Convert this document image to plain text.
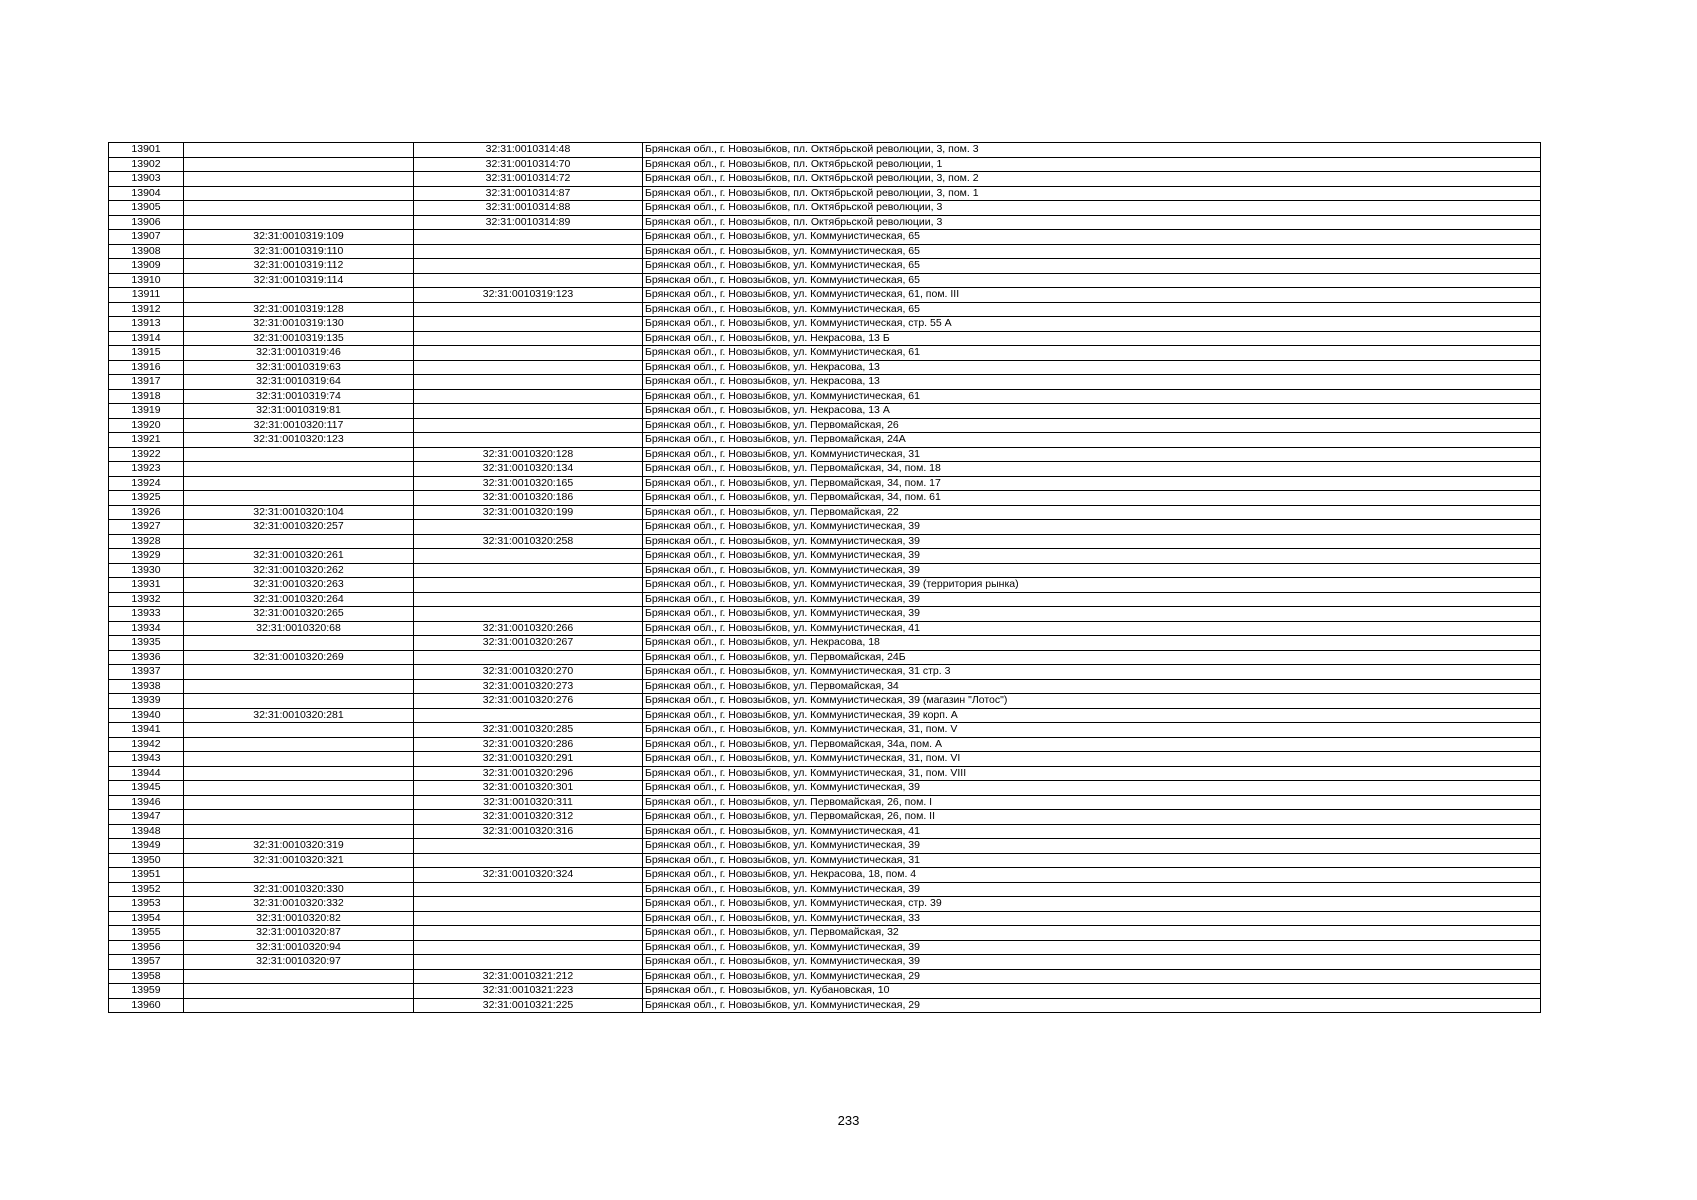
13901		32:31:0010314:48	Брянская обл., г. Новозыбков, пл. Октябрьской революции, 3, пом. 3
13902		32:31:0010314:70	Брянская обл., г. Новозыбков, пл. Октябрьской революции, 1
13903		32:31:0010314:72	Брянская обл., г. Новозыбков, пл. Октябрьской революции, 3, пом. 2
13904		32:31:0010314:87	Брянская обл., г. Новозыбков, пл. Октябрьской революции, 3, пом. 1
13905		32:31:0010314:88	Брянская обл., г. Новозыбков, пл. Октябрьской революции, 3
13906		32:31:0010314:89	Брянская обл., г. Новозыбков, пл. Октябрьской революции, 3
13907	32:31:0010319:109		Брянская обл., г. Новозыбков, ул. Коммунистическая, 65
13908	32:31:0010319:110		Брянская обл., г. Новозыбков, ул. Коммунистическая, 65
13909	32:31:0010319:112		Брянская обл., г. Новозыбков, ул. Коммунистическая, 65
13910	32:31:0010319:114		Брянская обл., г. Новозыбков, ул. Коммунистическая, 65
13911		32:31:0010319:123	Брянская обл., г. Новозыбков, ул. Коммунистическая, 61, пом. III
13912	32:31:0010319:128		Брянская обл., г. Новозыбков, ул. Коммунистическая, 65
13913	32:31:0010319:130		Брянская обл., г. Новозыбков, ул. Коммунистическая, стр. 55 А
13914	32:31:0010319:135		Брянская обл., г. Новозыбков, ул. Некрасова, 13 Б
13915	32:31:0010319:46		Брянская обл., г. Новозыбков, ул. Коммунистическая, 61
13916	32:31:0010319:63		Брянская обл., г. Новозыбков, ул. Некрасова, 13
13917	32:31:0010319:64		Брянская обл., г. Новозыбков, ул. Некрасова, 13
13918	32:31:0010319:74		Брянская обл., г. Новозыбков, ул. Коммунистическая, 61
13919	32:31:0010319:81		Брянская обл., г. Новозыбков, ул. Некрасова, 13 А
13920	32:31:0010320:117		Брянская обл., г. Новозыбков, ул. Первомайская, 26
13921	32:31:0010320:123		Брянская обл., г. Новозыбков, ул. Первомайская, 24А
13922		32:31:0010320:128	Брянская обл., г. Новозыбков, ул. Коммунистическая, 31
13923		32:31:0010320:134	Брянская обл., г. Новозыбков, ул. Первомайская, 34, пом. 18
13924		32:31:0010320:165	Брянская обл., г. Новозыбков, ул. Первомайская, 34, пом. 17
13925		32:31:0010320:186	Брянская обл., г. Новозыбков, ул. Первомайская, 34, пом. 61
13926	32:31:0010320:104	32:31:0010320:199	Брянская обл., г. Новозыбков, ул. Первомайская, 22
13927	32:31:0010320:257		Брянская обл., г. Новозыбков, ул. Коммунистическая, 39
13928		32:31:0010320:258	Брянская обл., г. Новозыбков, ул. Коммунистическая, 39
13929	32:31:0010320:261		Брянская обл., г. Новозыбков, ул. Коммунистическая, 39
13930	32:31:0010320:262		Брянская обл., г. Новозыбков, ул. Коммунистическая, 39
13931	32:31:0010320:263		Брянская обл., г. Новозыбков, ул. Коммунистическая, 39 (территория рынка)
13932	32:31:0010320:264		Брянская обл., г. Новозыбков, ул. Коммунистическая, 39
13933	32:31:0010320:265		Брянская обл., г. Новозыбков, ул. Коммунистическая, 39
13934	32:31:0010320:68	32:31:0010320:266	Брянская обл., г. Новозыбков, ул. Коммунистическая, 41
13935		32:31:0010320:267	Брянская обл., г. Новозыбков, ул. Некрасова, 18
13936	32:31:0010320:269		Брянская обл., г. Новозыбков, ул. Первомайская, 24Б
13937		32:31:0010320:270	Брянская обл., г. Новозыбков, ул. Коммунистическая, 31 стр. 3
13938		32:31:0010320:273	Брянская обл., г. Новозыбков, ул. Первомайская, 34
13939		32:31:0010320:276	Брянская обл., г. Новозыбков, ул. Коммунистическая, 39 (магазин "Лотос")
13940	32:31:0010320:281		Брянская обл., г. Новозыбков, ул. Коммунистическая, 39 корп. А
13941		32:31:0010320:285	Брянская обл., г. Новозыбков, ул. Коммунистическая, 31, пом. V
13942		32:31:0010320:286	Брянская обл., г. Новозыбков, ул. Первомайская, 34а, пом. А
13943		32:31:0010320:291	Брянская обл., г. Новозыбков, ул. Коммунистическая, 31, пом. VI
13944		32:31:0010320:296	Брянская обл., г. Новозыбков, ул. Коммунистическая, 31, пом. VIII
13945		32:31:0010320:301	Брянская обл., г. Новозыбков, ул. Коммунистическая, 39
13946		32:31:0010320:311	Брянская обл., г. Новозыбков, ул. Первомайская, 26, пом. I
13947		32:31:0010320:312	Брянская обл., г. Новозыбков, ул. Первомайская, 26, пом. II
13948		32:31:0010320:316	Брянская обл., г. Новозыбков, ул. Коммунистическая, 41
13949	32:31:0010320:319		Брянская обл., г. Новозыбков, ул. Коммунистическая, 39
13950	32:31:0010320:321		Брянская обл., г. Новозыбков, ул. Коммунистическая, 31
13951		32:31:0010320:324	Брянская обл., г. Новозыбков, ул. Некрасова, 18, пом. 4
13952	32:31:0010320:330		Брянская обл., г. Новозыбков, ул. Коммунистическая, 39
13953	32:31:0010320:332		Брянская обл., г. Новозыбков, ул. Коммунистическая, стр. 39
13954	32:31:0010320:82		Брянская обл., г. Новозыбков, ул. Коммунистическая, 33
13955	32:31:0010320:87		Брянская обл., г. Новозыбков, ул. Первомайская, 32
13956	32:31:0010320:94		Брянская обл., г. Новозыбков, ул. Коммунистическая, 39
13957	32:31:0010320:97		Брянская обл., г. Новозыбков, ул. Коммунистическая, 39
13958		32:31:0010321:212	Брянская обл., г. Новозыбков, ул. Коммунистическая, 29
13959		32:31:0010321:223	Брянская обл., г. Новозыбков, ул. Кубановская, 10
13960		32:31:0010321:225	Брянская обл., г. Новозыбков, ул. Коммунистическая, 29
233
